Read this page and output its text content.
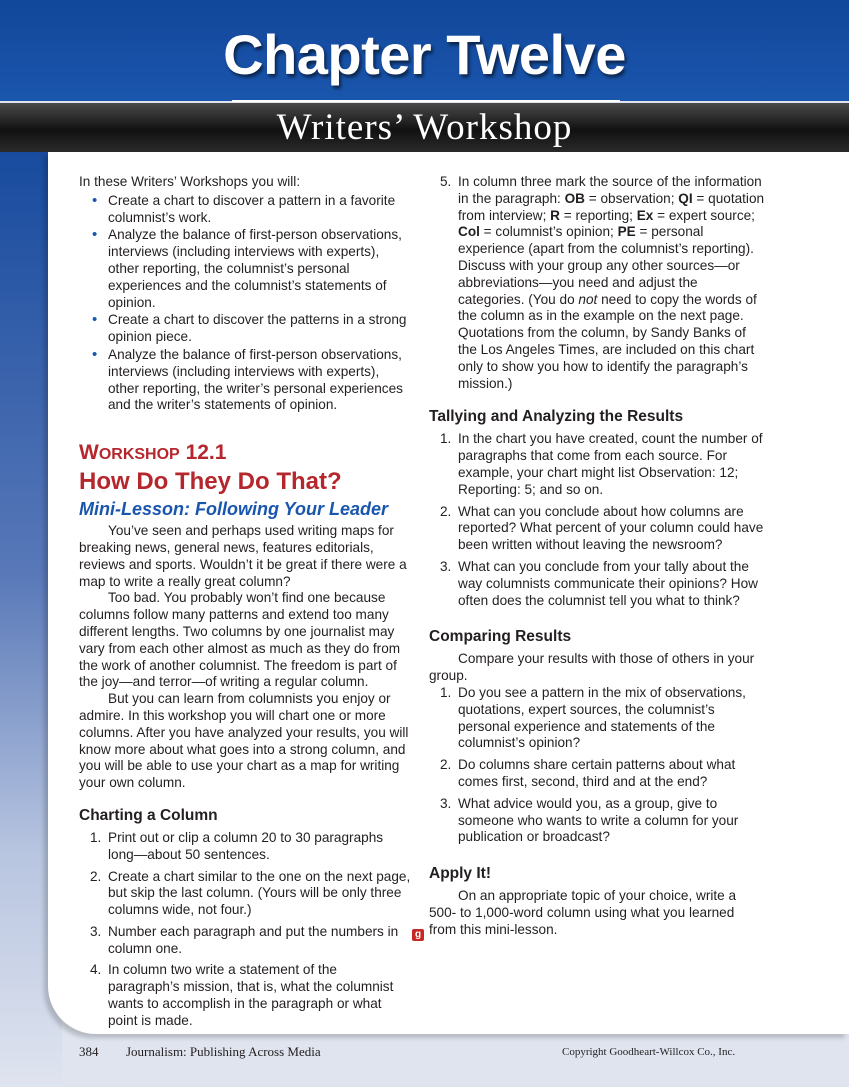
Chapter Twelve
Writers’ Workshop

In these Writers’ Workshops you will:

• Create a chart to discover a pattern in a favorite columnist’s work.
• Analyze the balance of first-person observations, interviews (including interviews with experts), other reporting, the columnist’s personal experiences and the columnist’s statements of opinion.
• Create a chart to discover the patterns in a strong opinion piece.
• Analyze the balance of first-person observations, interviews (including interviews with experts), other reporting, the writer’s personal experiences and the writer’s statements of opinion.
WORKSHOP 12.1
How Do They Do That?
Mini-Lesson: Following Your Leader

You’ve seen and perhaps used writing maps for breaking news, general news, features editorials, reviews and sports. Wouldn’t it be great if there were a map to write a really great column?

Too bad. You probably won’t find one because columns follow many patterns and extend too many different lengths. Two columns by one journalist may vary from each other almost as much as they do from the work of another columnist. The freedom is part of the joy—and terror—of writing a regular column.

But you can learn from columnists you enjoy or admire. In this workshop you will chart one or more columns. After you have analyzed your results, you will know more about what goes into a strong column, and you will be able to use your chart as a map for writing your own column.

Charting a Column
1. Print out or clip a column 20 to 30 paragraphs long—about 50 sentences.
2. Create a chart similar to the one on the next page, but skip the last column. (Yours will be only three columns wide, not four.)
3. Number each paragraph and put the numbers in column one.
4. In column two write a statement of the paragraph’s mission, that is, what the columnist wants to accomplish in the paragraph or what point is made.
5. In column three mark the source of the information in the paragraph: OB = observation; QI = quotation from interview; R = reporting; Ex = expert source; Col = columnist’s opinion; PE = personal experience (apart from the columnist’s reporting). Discuss with your group any other sources—or abbreviations—you need and adjust the categories. (You do not need to copy the words of the column as in the example on the next page. Quotations from the column, by Sandy Banks of the Los Angeles Times, are included on this chart only to show you how to identify the paragraph’s mission.)
Tallying and Analyzing the Results
1. In the chart you have created, count the number of paragraphs that come from each source. For example, your chart might list Observation: 12; Reporting: 5; and so on.
2. What can you conclude about how columns are reported? What percent of your column could have been written without leaving the newsroom?
3. What can you conclude from your tally about the way columnists communicate their opinions? How often does the columnist tell you what to think?
Comparing Results

Compare your results with those of others in your group.

1. Do you see a pattern in the mix of observations, quotations, expert sources, the columnist’s personal experience and statements of the columnist’s opinion?
2. Do columns share certain patterns about what comes first, second, third and at the end?
3. What advice would you, as a group, give to someone who wants to write a column for your publication or broadcast?
Apply It!

On an appropriate topic of your choice, write a 500- to 1,000-word column using what you learned from this mini-lesson.

g
384 Journalism: Publishing Across Media	Copyright Goodheart-Willcox Co., Inc.
